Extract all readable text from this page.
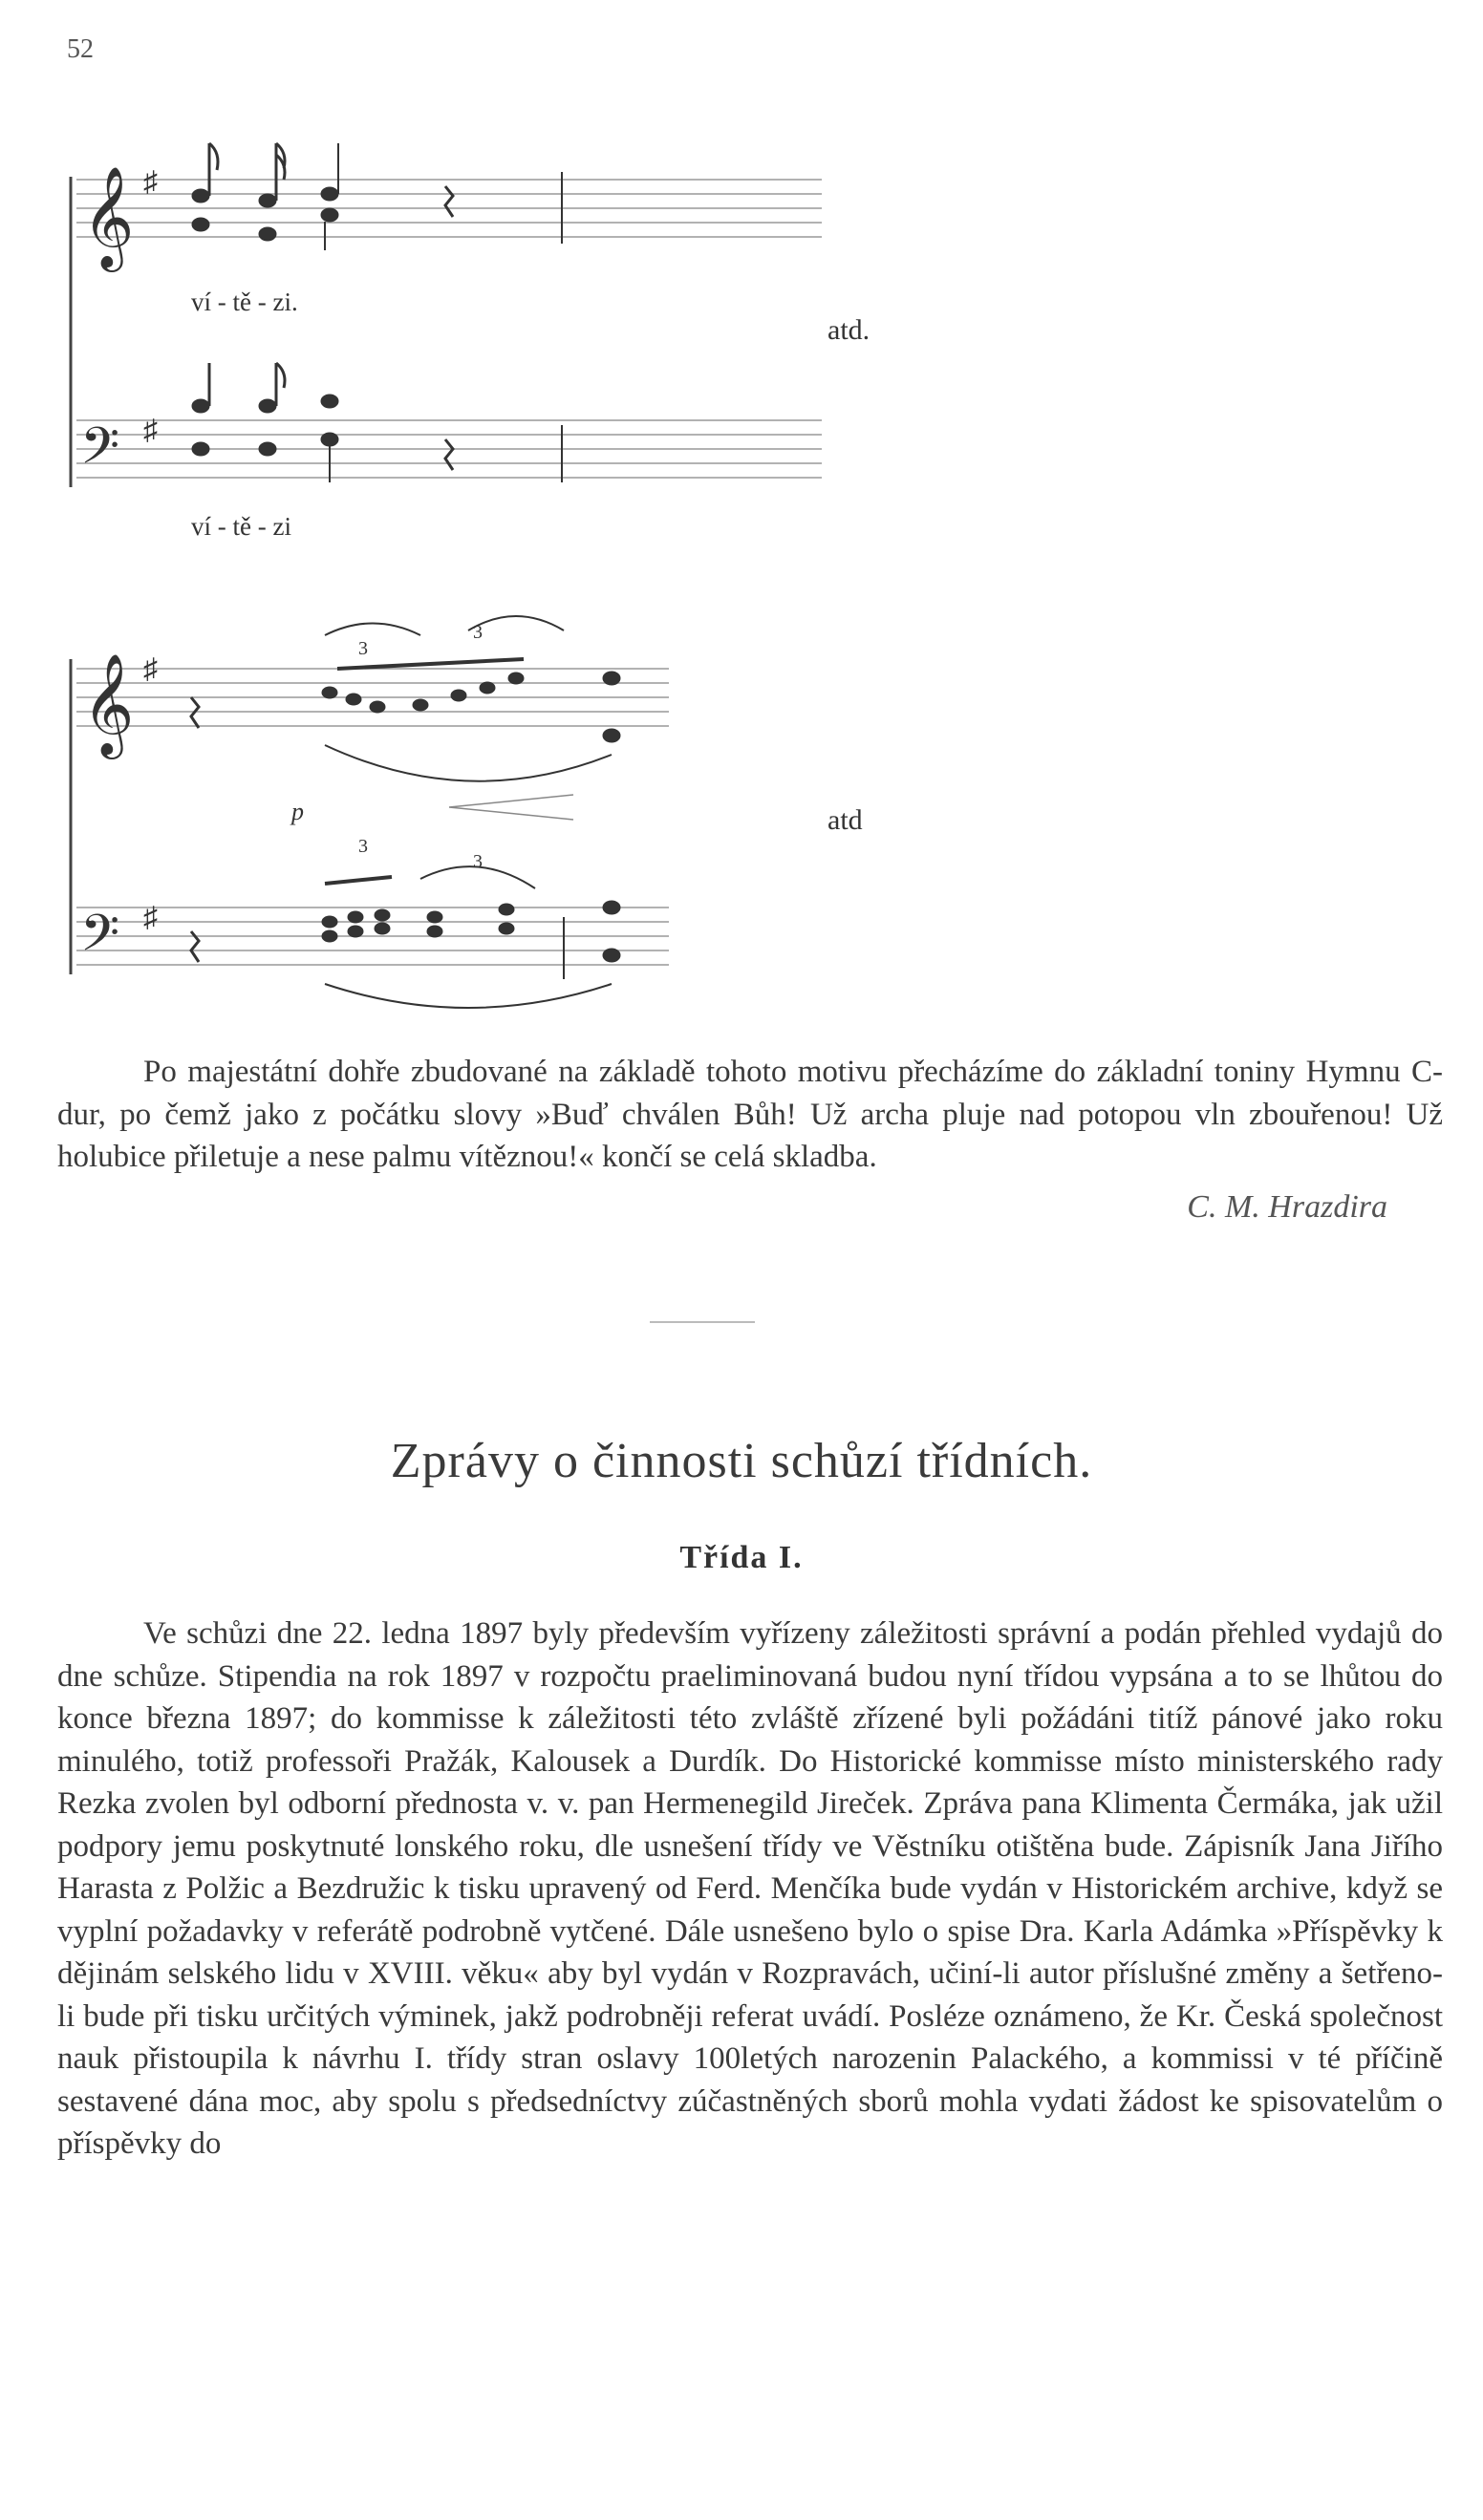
52
𝄞 ♯
ví - tě - zi.
atd.
𝄢 ♯
ví - tě - zi
𝄞 ♯
3
3
p	atd
𝄢 ♯
3
3

Po majestátní dohře zbudované na základě tohoto motivu přecházíme do základní toniny Hymnu C-dur, po čemž jako z počátku slovy »Buď chválen Bůh! Už archa pluje nad potopou vln zbouřenou! Už holubice přiletuje a nese palmu vítěznou!« končí se celá skladba.

C. M. Hrazdira
Zprávy o činnosti schůzí třídních.
Třída I.

Ve schůzi dne 22. ledna 1897 byly především vyřízeny záležitosti správní a podán přehled vydajů do dne schůze. Stipendia na rok 1897 v rozpočtu praeliminovaná budou nyní třídou vypsána a to se lhůtou do konce března 1897; do kommisse k záležitosti této zvláště zřízené byli požádáni titíž pánové jako roku minulého, totiž professoři Pražák, Kalousek a Durdík. Do Historické kommisse místo ministerského rady Rezka zvolen byl odborní přednosta v. v. pan Hermenegild Jireček. Zpráva pana Klimenta Čermáka, jak užil podpory jemu poskytnuté lonského roku, dle usnešení třídy ve Věstníku otištěna bude. Zápisník Jana Jiřího Harasta z Polžic a Bezdružic k tisku upravený od Ferd. Menčíka bude vydán v Historickém archive, když se vyplní požadavky v referátě podrobně vytčené. Dále usnešeno bylo o spise Dra. Karla Adámka »Příspěvky k dějinám selského lidu v XVIII. věku« aby byl vydán v Rozpravách, učiní-li autor příslušné změny a šetřeno-li bude při tisku určitých výminek, jakž podrobněji referat uvádí. Posléze oznámeno, že Kr. Česká společnost nauk přistoupila k návrhu I. třídy stran oslavy 100letých narozenin Palackého, a kommissi v té příčině sestavené dána moc, aby spolu s předsedníctvy zúčastněných sborů mohla vydati žádost ke spisovatelům o příspěvky do
